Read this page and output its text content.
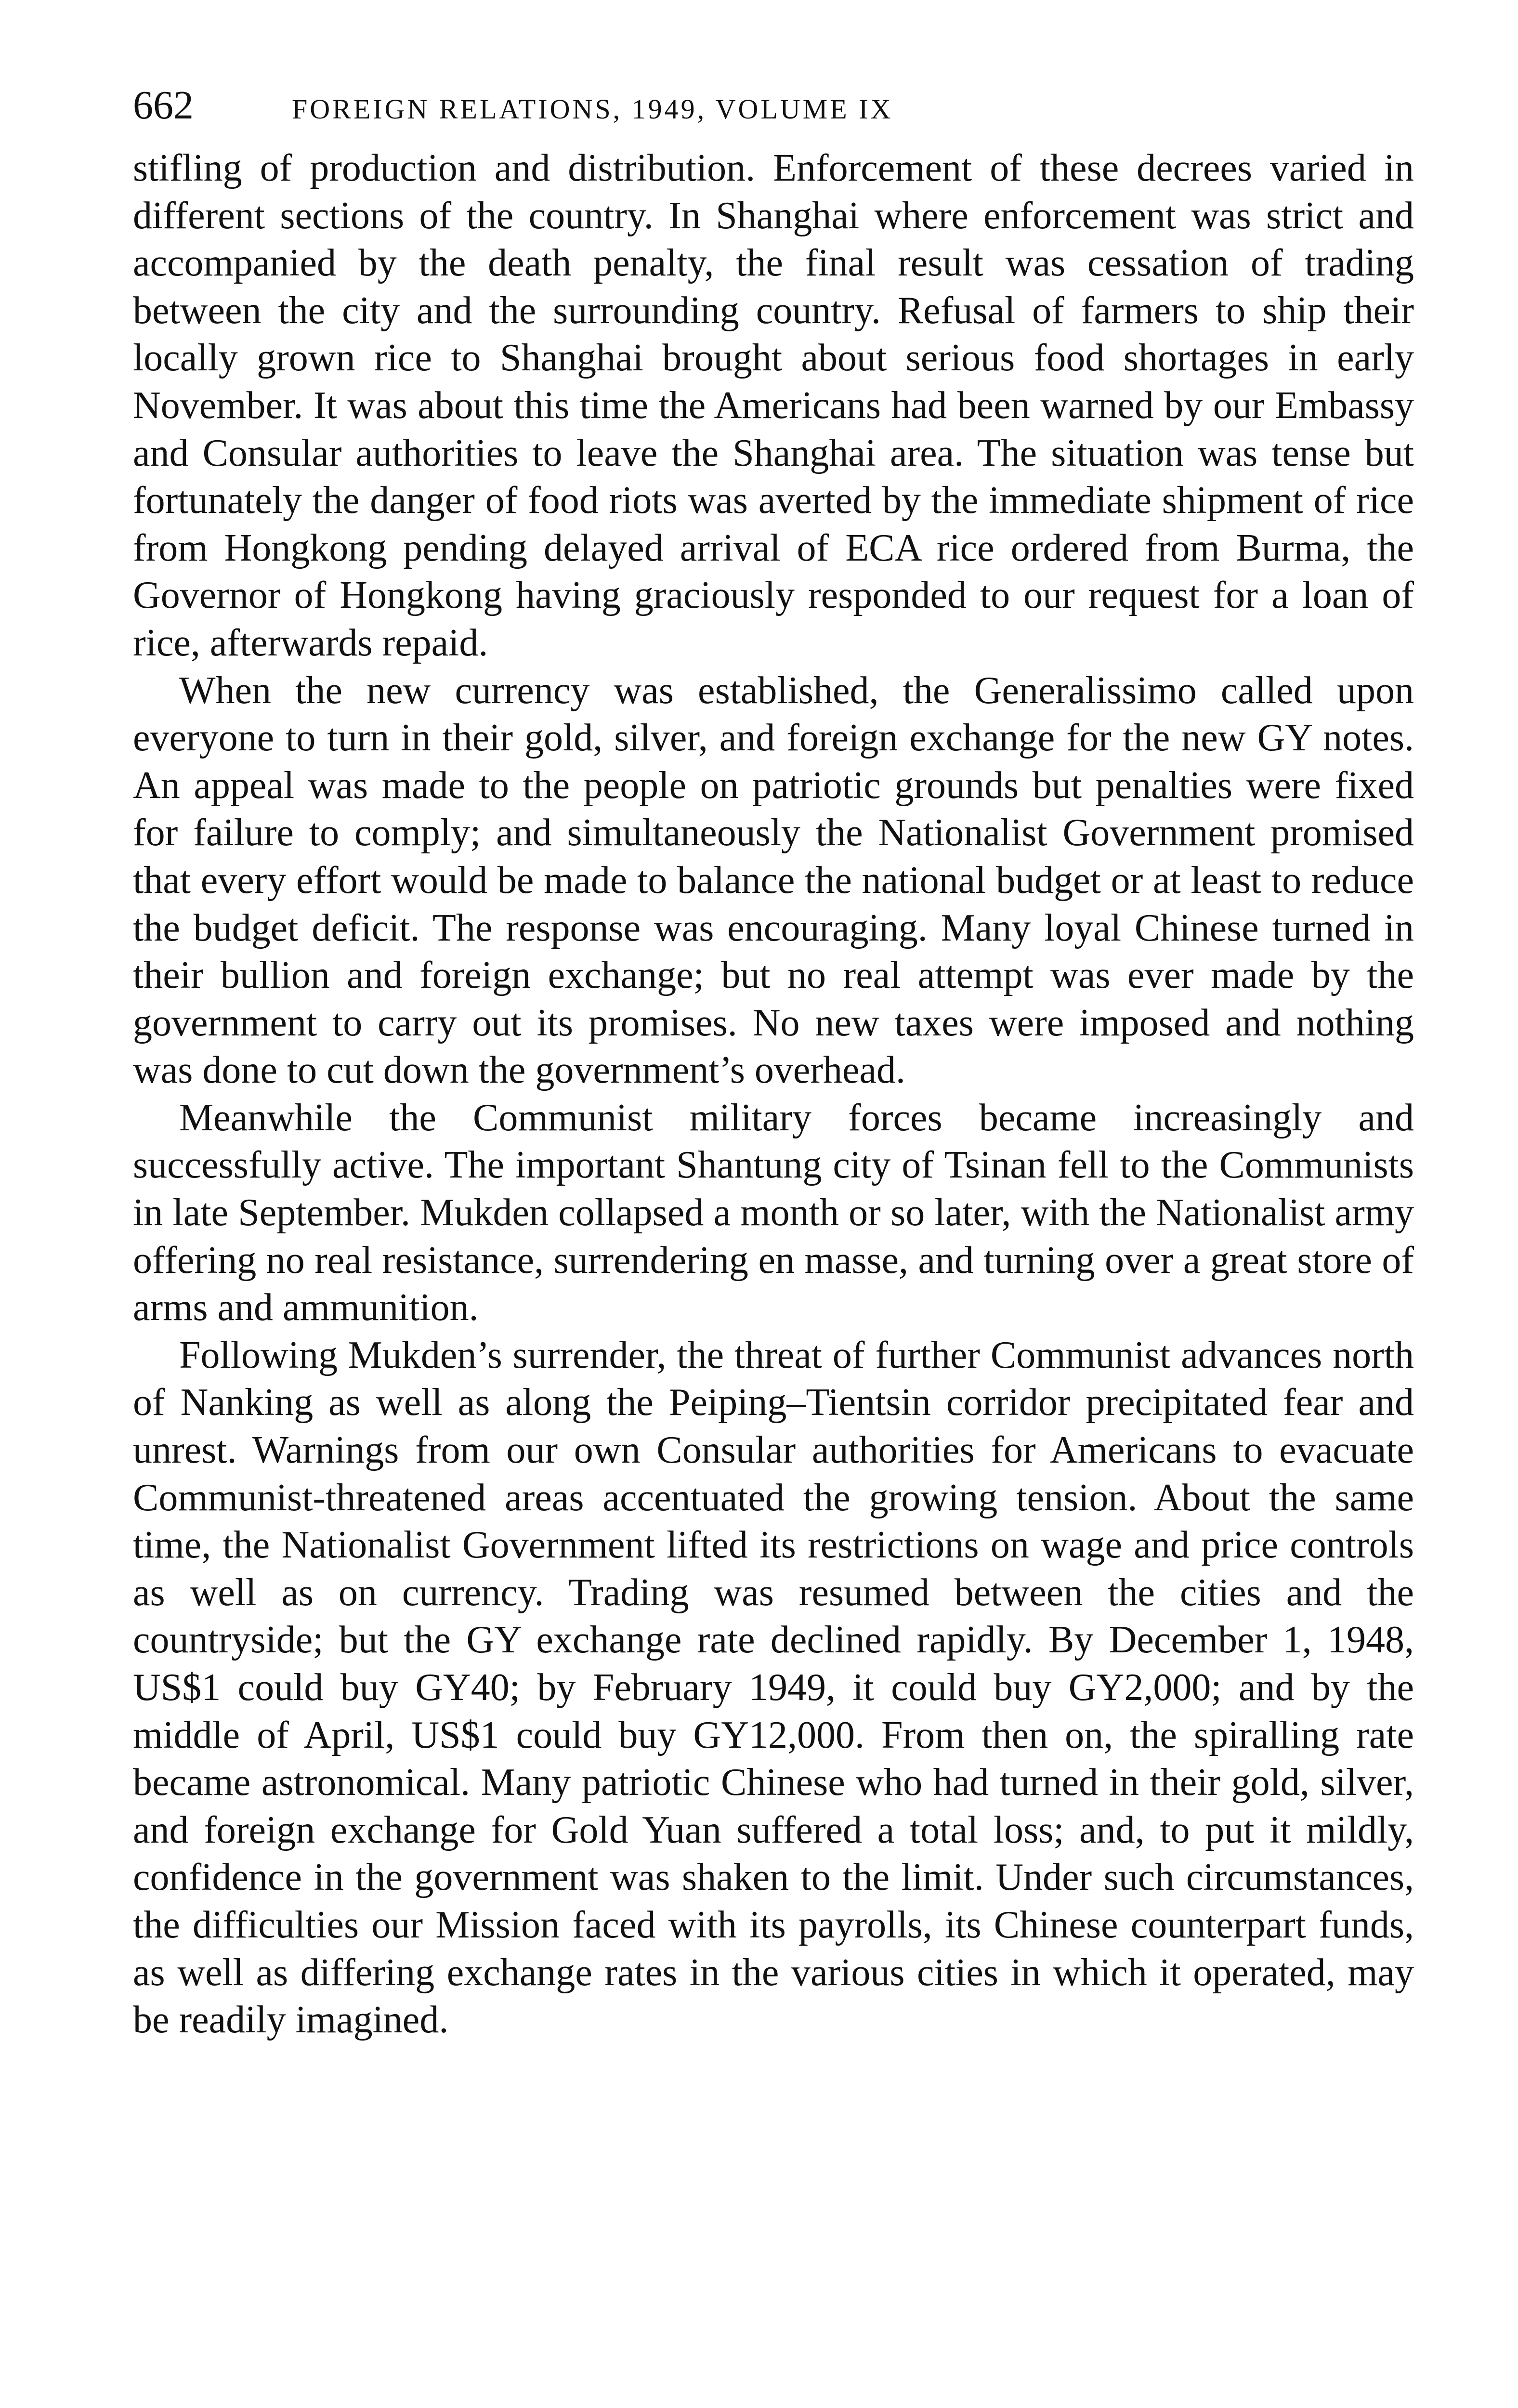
662	FOREIGN RELATIONS, 1949, VOLUME IX

stifling of production and distribution. Enforcement of these decrees varied in different sections of the country. In Shanghai where enforcement was strict and accompanied by the death penalty, the final result was cessation of trading between the city and the surrounding country. Refusal of farmers to ship their locally grown rice to Shanghai brought about serious food shortages in early November. It was about this time the Americans had been warned by our Embassy and Consular authorities to leave the Shanghai area. The situation was tense but fortunately the danger of food riots was averted by the immediate shipment of rice from Hongkong pending delayed arrival of ECA rice ordered from Burma, the Governor of Hongkong having graciously responded to our request for a loan of rice, afterwards repaid.

When the new currency was established, the Generalissimo called upon everyone to turn in their gold, silver, and foreign exchange for the new GY notes. An appeal was made to the people on patriotic grounds but penalties were fixed for failure to comply; and simultaneously the Nationalist Government promised that every effort would be made to balance the national budget or at least to reduce the budget deficit. The response was encouraging. Many loyal Chinese turned in their bullion and foreign exchange; but no real attempt was ever made by the government to carry out its promises. No new taxes were imposed and nothing was done to cut down the government’s overhead.

Meanwhile the Communist military forces became increasingly and successfully active. The important Shantung city of Tsinan fell to the Communists in late September. Mukden collapsed a month or so later, with the Nationalist army offering no real resistance, surrendering en masse, and turning over a great store of arms and ammunition.

Following Mukden’s surrender, the threat of further Communist advances north of Nanking as well as along the Peiping–Tientsin corridor precipitated fear and unrest. Warnings from our own Consular authorities for Americans to evacuate Communist-threatened areas accentuated the growing tension. About the same time, the Nationalist Government lifted its restrictions on wage and price controls as well as on currency. Trading was resumed between the cities and the countryside; but the GY exchange rate declined rapidly. By December 1, 1948, US$1 could buy GY40; by February 1949, it could buy GY2,000; and by the middle of April, US$1 could buy GY12,000. From then on, the spiralling rate became astronomical. Many patriotic Chinese who had turned in their gold, silver, and foreign exchange for Gold Yuan suffered a total loss; and, to put it mildly, confidence in the government was shaken to the limit. Under such circumstances, the difficulties our Mission faced with its payrolls, its Chinese counterpart funds, as well as differing exchange rates in the various cities in which it operated, may be readily imagined.
